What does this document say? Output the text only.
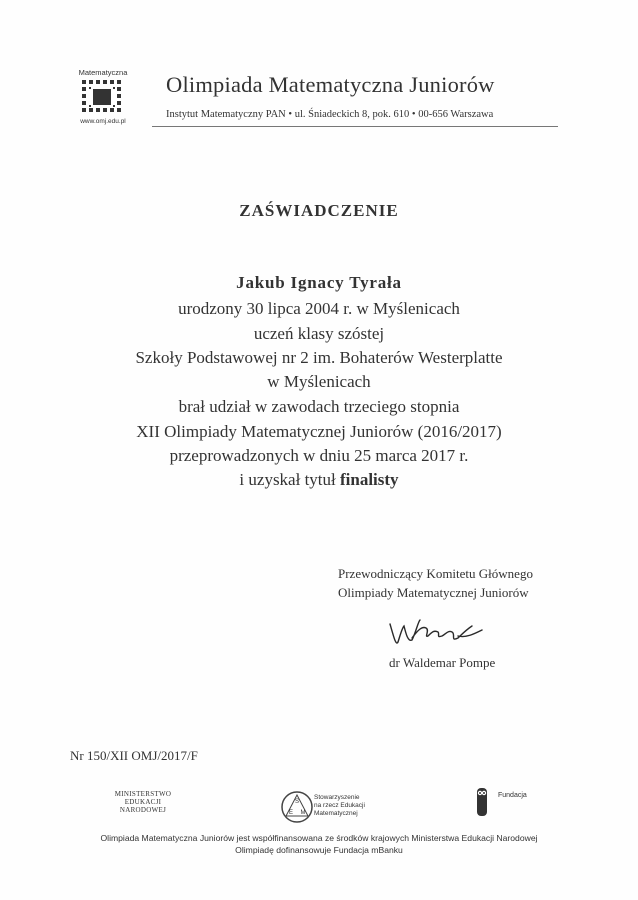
Matematyczna
www.omj.edu.pl
Olimpiada Matematyczna Juniorów
Instytut Matematyczny PAN • ul. Śniadeckich 8, pok. 610 • 00-656 Warszawa
ZAŚWIADCZENIE
Jakub Ignacy Tyrała
urodzony 30 lipca 2004 r. w Myślenicach
uczeń klasy szóstej
Szkoły Podstawowej nr 2 im. Bohaterów Westerplatte
w Myślenicach
brał udział w zawodach trzeciego stopnia
XII Olimpiady Matematycznej Juniorów (2016/2017)
przeprowadzonych w dniu 25 marca 2017 r.
i uzyskał tytuł finalisty
Przewodniczący Komitetu Głównego
Olimpiady Matematycznej Juniorów
dr Waldemar Pompe
Nr 150/XII OMJ/2017/F
MINISTERSTWO
EDUKACJI
NARODOWEJ
S
E M
Stowarzyszenie
na rzecz Edukacji
Matematycznej
Fundacja
Olimpiada Matematyczna Juniorów jest współfinansowana ze środków krajowych Ministerstwa Edukacji Narodowej
Olimpiadę dofinansowuje Fundacja mBanku
